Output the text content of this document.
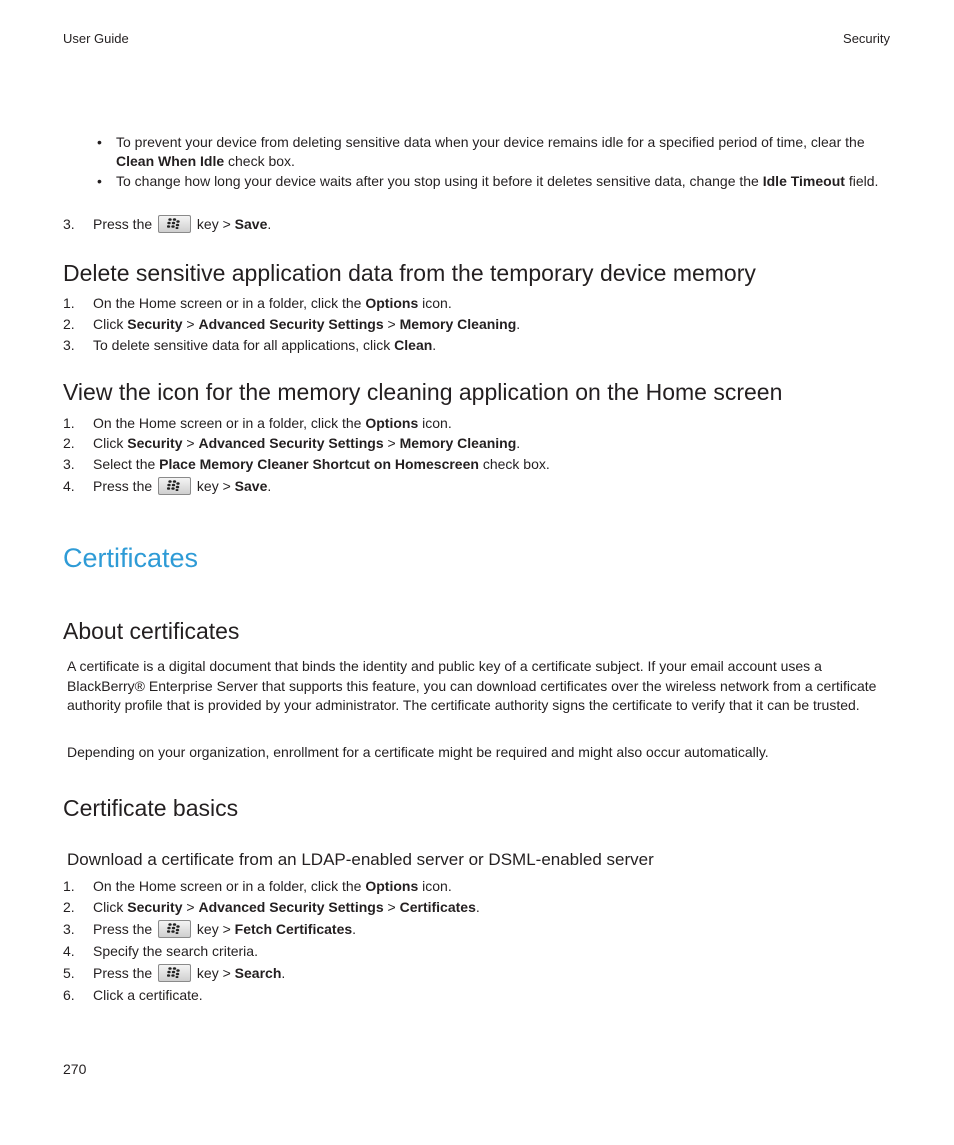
User Guide	Security
•	To prevent your device from deleting sensitive data when your device remains idle for a specified period of time, clear the Clean When Idle check box.
•	To change how long your device waits after you stop using it before it deletes sensitive data, change the Idle Timeout field.
3. Press the	key > Save.
Delete sensitive application data from the temporary device memory
1. On the Home screen or in a folder, click the Options icon.
2. Click Security > Advanced Security Settings > Memory Cleaning.
3. To delete sensitive data for all applications, click Clean.
View the icon for the memory cleaning application on the Home screen
1. On the Home screen or in a folder, click the Options icon.
2. Click Security > Advanced Security Settings > Memory Cleaning.
3. Select the Place Memory Cleaner Shortcut on Homescreen check box.
4. Press the	key > Save.
Certificates
About certificates
A certificate is a digital document that binds the identity and public key of a certificate subject. If your email account uses a BlackBerry® Enterprise Server that supports this feature, you can download certificates over the wireless network from a certificate authority profile that is provided by your administrator. The certificate authority signs the certificate to verify that it can be trusted.
Depending on your organization, enrollment for a certificate might be required and might also occur automatically.
Certificate basics
Download a certificate from an LDAP-enabled server or DSML-enabled server
1. On the Home screen or in a folder, click the Options icon.
2. Click Security > Advanced Security Settings > Certificates.
3. Press the	key > Fetch Certificates.
4. Specify the search criteria.
5. Press the	key > Search.
6. Click a certificate.
270
